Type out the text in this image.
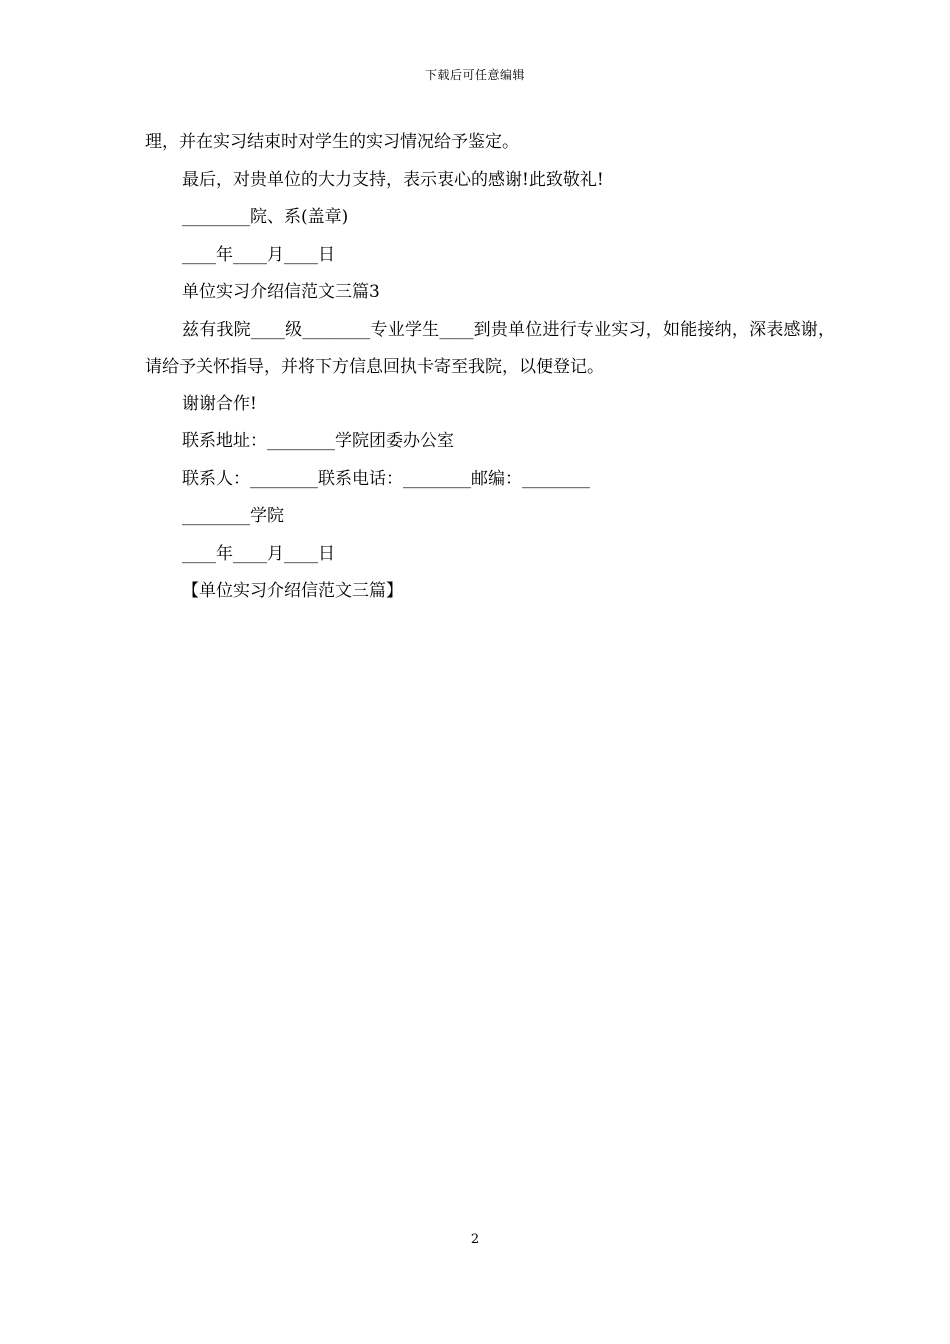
下载后可任意编辑

理，并在实习结束时对学生的实习情况给予鉴定。

最后，对贵单位的大力支持，表示衷心的感谢!此致敬礼!

________院、系(盖章)

____年____月____日

单位实习介绍信范文三篇3

兹有我院____级________专业学生____到贵单位进行专业实习，如能接纳，深表感谢，请给予关怀指导，并将下方信息回执卡寄至我院，以便登记。

谢谢合作!

联系地址：________学院团委办公室

联系人：________联系电话：________邮编：________

________学院

____年____月____日

【单位实习介绍信范文三篇】

2
